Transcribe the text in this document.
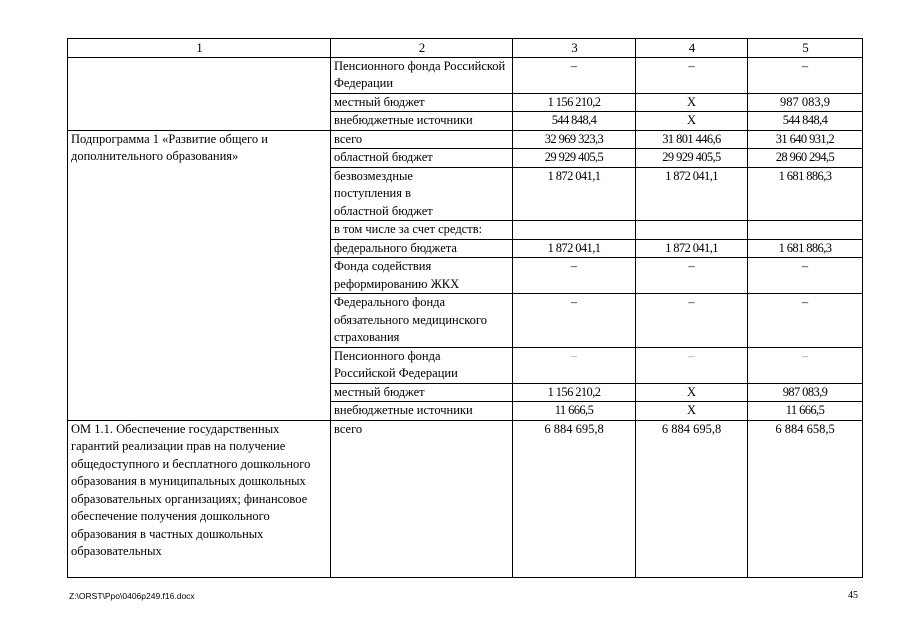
1	2	3	4	5
	Пенсионного фонда Российской Федерации	–	–	–
	местный бюджет	1 156 210,2	Х	987 083,9
	внебюджетные источники	544 848,4	Х	544 848,4
Подпрограмма 1 «Развитие общего и дополнительного образования»	всего	32 969 323,3	31 801 446,6	31 640 931,2
	областной бюджет	29 929 405,5	29 929 405,5	28 960 294,5
	безвозмездные поступления в областной бюджет	1 872 041,1	1 872 041,1	1 681 886,3
	в том числе за счет средств:			
	федерального бюджета	1 872 041,1	1 872 041,1	1 681 886,3
	Фонда содействия реформированию ЖКХ	–	–	–
	Федерального фонда обязательного медицинского страхования	–	–	–
	Пенсионного фонда Российской Федерации	–	–	–
	местный бюджет	1 156 210,2	Х	987 083,9
	внебюджетные источники	11 666,5	Х	11 666,5
ОМ 1.1. Обеспечение государственных гарантий реализации прав на получение общедоступного и бесплатного дошкольного образования в муниципальных дошкольных образовательных организациях; финансовое обеспечение получения дошкольного образования в частных дошкольных образовательных	всего	6 884 695,8	6 884 695,8	6 884 658,5
Z:\ORST\Ppo\0406p249.f16.docx	45
